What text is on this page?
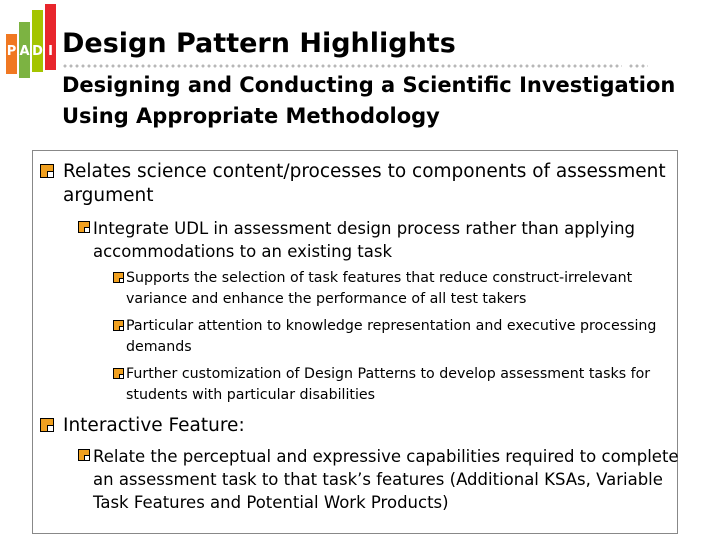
P A D I Design Pattern Highlights
Designing and Conducting a Scientific Investigation
Using Appropriate Methodology
Relates science content/processes to components of assessment
argument
Integrate UDL in assessment design process rather than applying
accommodations to an existing task
Supports the selection of task features that reduce construct-irrelevant
variance and enhance the performance of all test takers
Particular attention to knowledge representation and executive processing
demands
Further customization of Design Patterns to develop assessment tasks for
students with particular disabilities
Interactive Feature:
Relate the perceptual and expressive capabilities required to complete
an assessment task to that task’s features (Additional KSAs, Variable
Task Features and Potential Work Products)
